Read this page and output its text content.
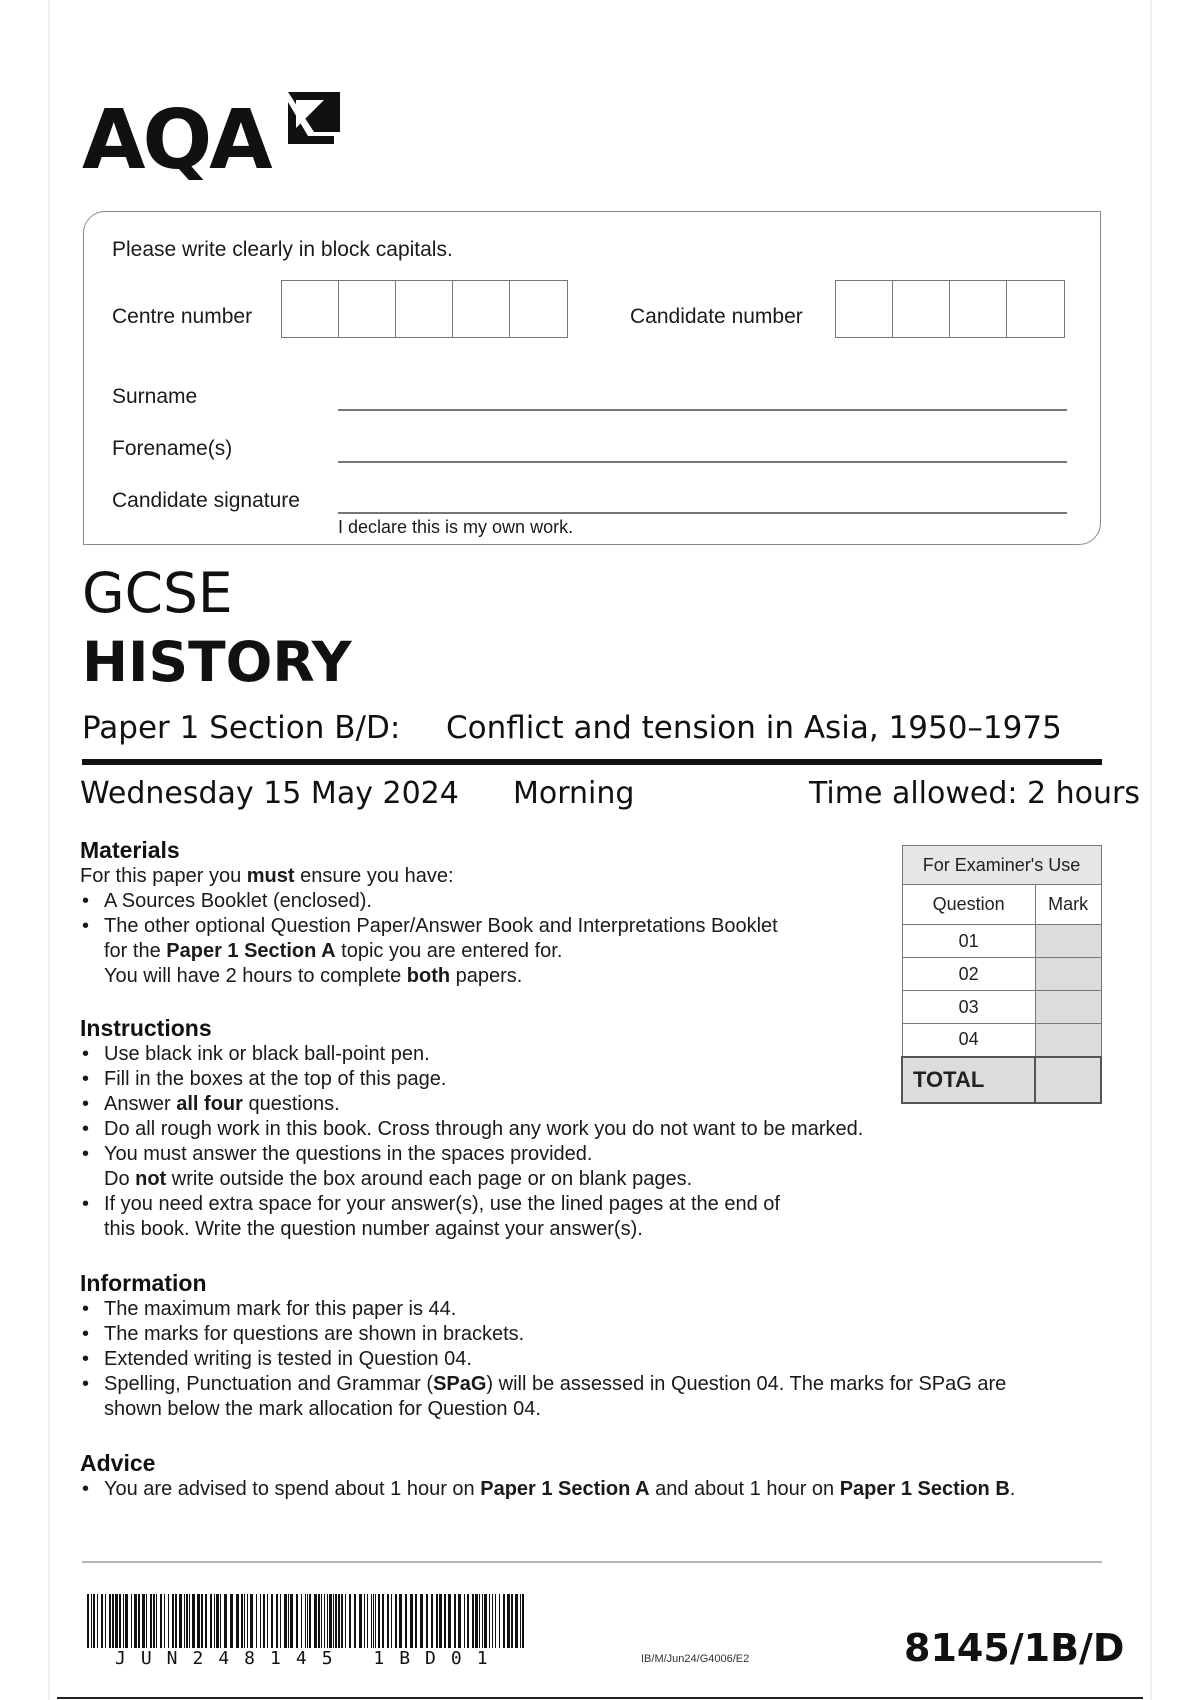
AQA
Please write clearly in block capitals.
Centre number	Candidate number
Surname
Forename(s)
Candidate signature
I declare this is my own work.
GCSE
HISTORY
Paper 1 Section B/D: Conflict and tension in Asia, 1950–1975
Wednesday 15 May 2024 Morning	Time allowed: 2 hours
Materials
For this paper you must ensure you have:
• A Sources Booklet (enclosed).
• The other optional Question Paper/Answer Book and Interpretations Booklet
for the Paper 1 Section A topic you are entered for.
You will have 2 hours to complete both papers.
Instructions
• Use black ink or black ball-point pen.
• Fill in the boxes at the top of this page.
• Answer all four questions.
• Do all rough work in this book. Cross through any work you do not want to be marked.
• You must answer the questions in the spaces provided.
Do not write outside the box around each page or on blank pages.
• If you need extra space for your answer(s), use the lined pages at the end of
this book. Write the question number against your answer(s).
Information
• The maximum mark for this paper is 44.
• The marks for questions are shown in brackets.
• Extended writing is tested in Question 04.
• Spelling, Punctuation and Grammar (SPaG) will be assessed in Question 04. The marks for SPaG are
shown below the mark allocation for Question 04.
Advice
• You are advised to spend about 1 hour on Paper 1 Section A and about 1 hour on Paper 1 Section B.
For Examiner's Use	
Question	Mark
01	
02	
03	
04	
TOTAL	
JUN248145 1BD01	IB/M/Jun24/G4006/E2	8145/1B/D
